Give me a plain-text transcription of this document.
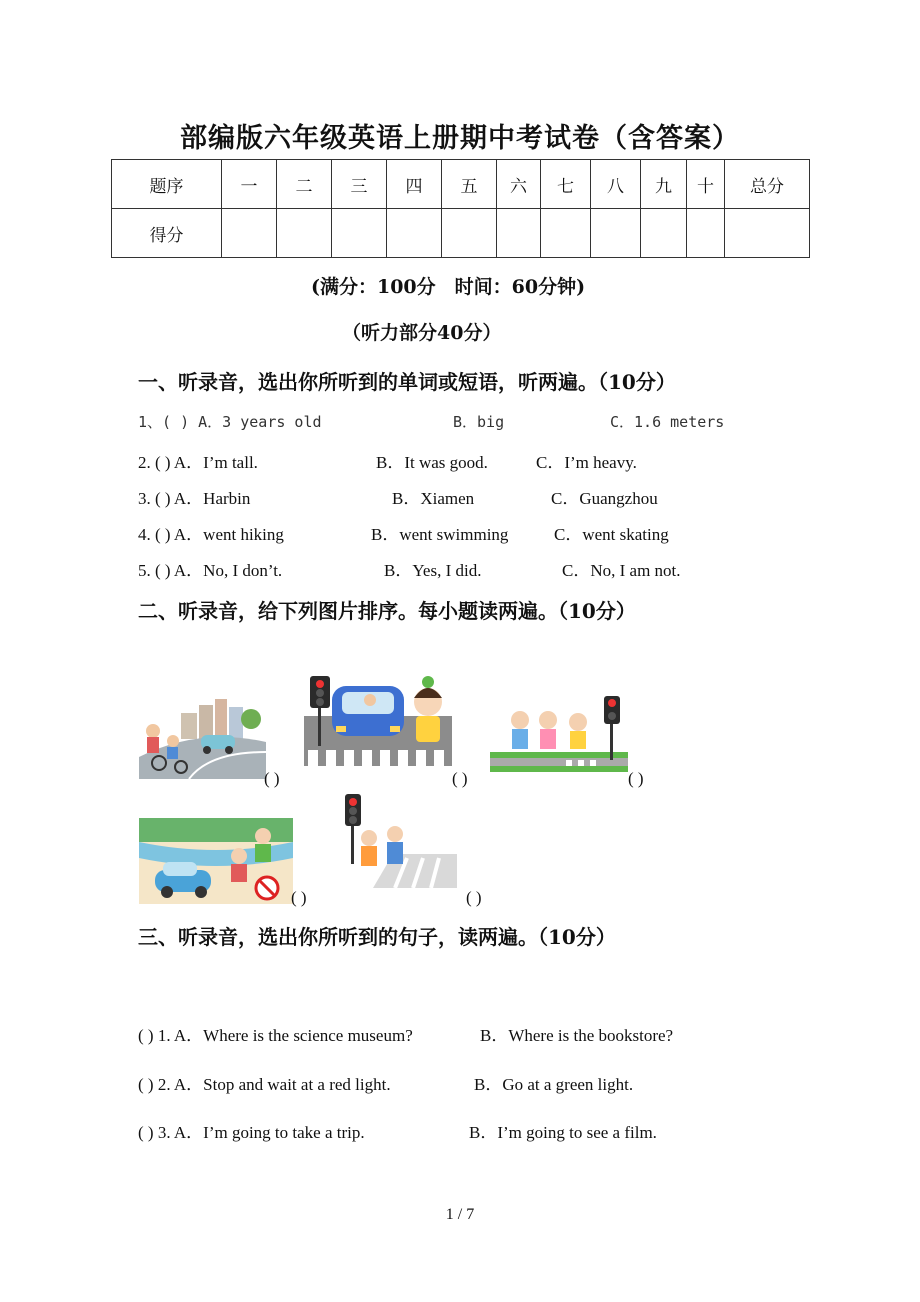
部编版六年级英语上册期中考试卷（含答案）
题序	一	二	三	四	五	六	七	八	九	十	总分
得分											
(满分：100分　时间：60分钟)
（听力部分40分）
一、听录音，选出你所听到的单词或短语，听两遍。（10分）
1、( ) A．3 years old	B．big	C．1.6 meters
2. ( ) A．I’m tall.	B．It was good.	C．I’m heavy.
3. ( ) A．Harbin	B．Xiamen	C．Guangzhou
4. ( ) A．went hiking	B．went swimming	C．went skating
5. ( ) A．No, I don’t.	B．Yes, I did.	C．No, I am not.
二、听录音，给下列图片排序。每小题读两遍。（10分）
( )	( )	( )
( )	( )
三、听录音，选出你所听到的句子，读两遍。（10分）
( ) 1. A．Where is the science museum?	B．Where is the bookstore?
( ) 2. A．Stop and wait at a red light.	B．Go at a green light.
( ) 3. A．I’m going to take a trip.	B．I’m going to see a film.
1 / 7
